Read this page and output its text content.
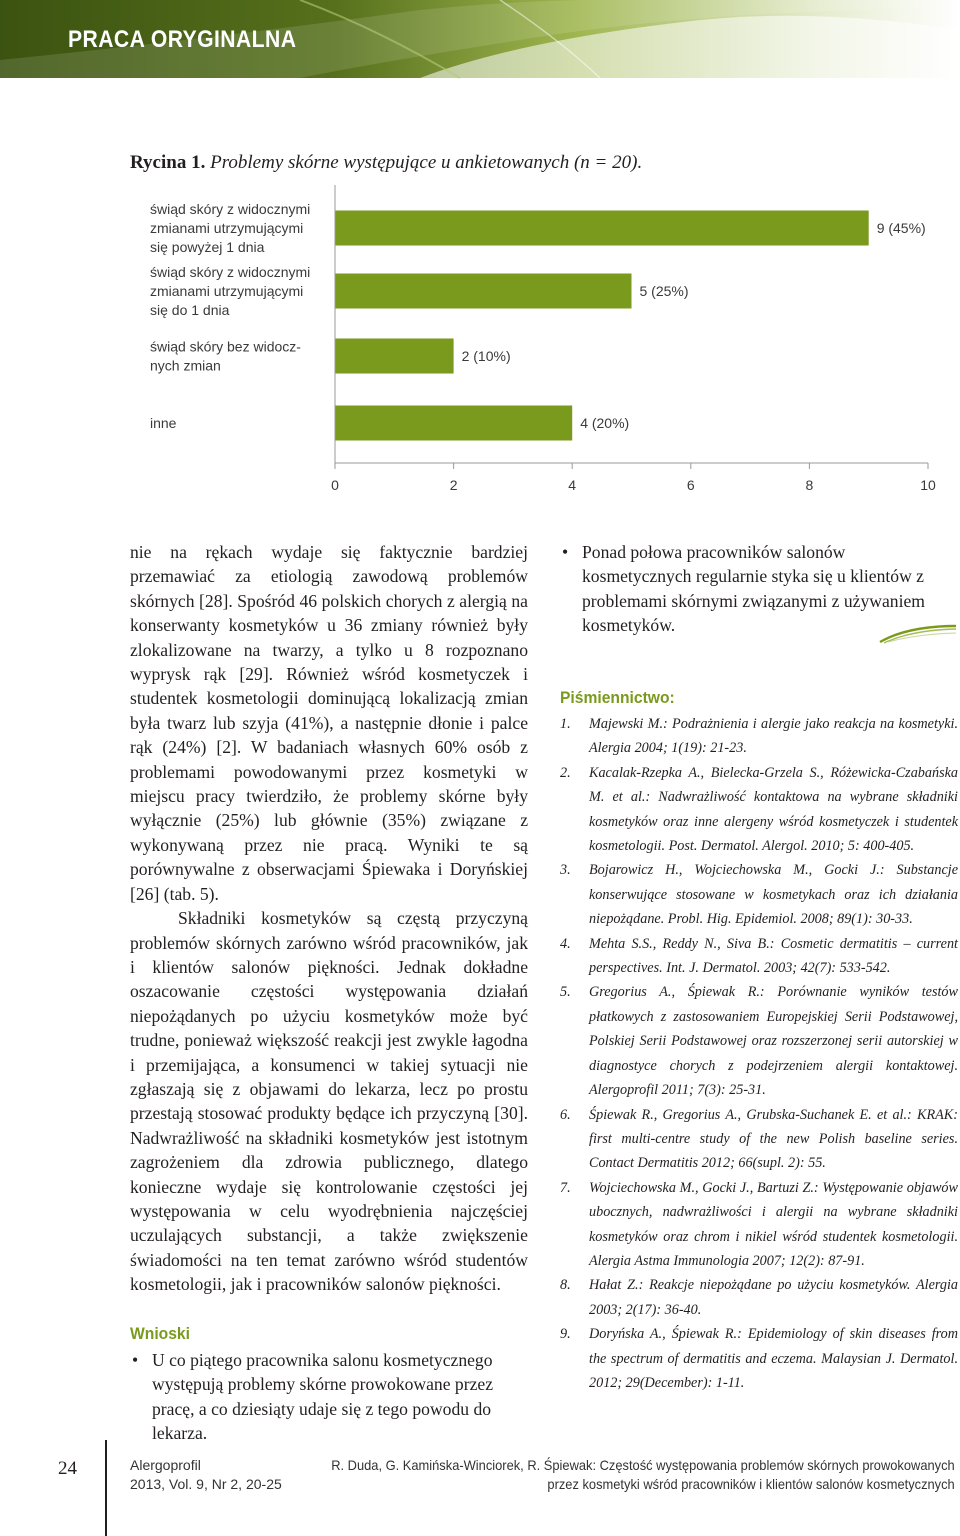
PRACA ORYGINALNA
Rycina 1. Problemy skórne występujące u ankietowanych (n = 20).
9 (45%)
świąd skóry z widocznymi
zmianami utrzymującymi
się powyżej 1 dnia
5 (25%)
świąd skóry z widocznymi
zmianami utrzymującymi
się do 1 dnia
2 (10%)
świąd skóry bez widocz-
nych zmian
4 (20%)
inne
0	2	4	6	8	10

nie na rękach wydaje się faktycznie bardziej przemawiać za etiologią zawodową problemów skórnych [28]. Spośród 46 polskich chorych z alergią na konserwanty kosmetyków u 36 zmiany również były zlokalizowane na twarzy, a tylko u 8 rozpoznano wyprysk rąk [29]. Również wśród kosmetyczek i studentek kosmetologii dominującą lokalizacją zmian była twarz lub szyja (41%), a następnie dłonie i palce rąk (24%) [2]. W badaniach własnych 60% osób z problemami powodowanymi przez kosmetyki w miejscu pracy twierdziło, że problemy skórne były wyłącznie (25%) lub głównie (35%) związane z wykonywaną przez nie pracą. Wyniki te są porównywalne z obserwacjami Śpiewaka i Doryńskiej [26] (tab. 5).

Składniki kosmetyków są częstą przyczyną problemów skórnych zarówno wśród pracowników, jak i klientów salonów piękności. Jednak dokładne oszacowanie częstości występowania działań niepożądanych po użyciu kosmetyków może być trudne, ponieważ większość reakcji jest zwykle łagodna i przemijająca, a konsumenci w takiej sytuacji nie zgłaszają się z objawami do lekarza, lecz po prostu przestają stosować produkty będące ich przyczyną [30]. Nadwrażliwość na składniki kosmetyków jest istotnym zagrożeniem dla zdrowia publicznego, dlatego konieczne wydaje się kontrolowanie częstości jej występowania w celu wyodrębnienia najczęściej uczulających substancji, a także zwiększenie świadomości na ten temat zarówno wśród studentów kosmetologii, jak i pracowników salonów piękności.

Wnioski

• U co piątego pracownika salonu kosmetycznego występują problemy skórne prowokowane przez pracę, a co dziesiąty udaje się z tego powodu do lekarza.

• Ponad połowa pracowników salonów kosmetycznych regularnie styka się u klientów z problemami skórnymi związanymi z używaniem kosmetyków.

Piśmiennictwo:
1. Majewski M.: Podrażnienia i alergie jako reakcja na kosmetyki. Alergia 2004; 1(19): 21-23.
2. Kacalak-Rzepka A., Bielecka-Grzela S., Różewicka-Czabańska M. et al.: Nadwrażliwość kontaktowa na wybrane składniki kosmetyków oraz inne alergeny wśród kosmetyczek i studentek kosmetologii. Post. Dermatol. Alergol. 2010; 5: 400-405.
3. Bojarowicz H., Wojciechowska M., Gocki J.: Substancje konserwujące stosowane w kosmetykach oraz ich działania niepożądane. Probl. Hig. Epidemiol. 2008; 89(1): 30-33.
4. Mehta S.S., Reddy N., Siva B.: Cosmetic dermatitis – current perspectives. Int. J. Dermatol. 2003; 42(7): 533-542.
5. Gregorius A., Śpiewak R.: Porównanie wyników testów płatkowych z zastosowaniem Europejskiej Serii Podstawowej, Polskiej Serii Podstawowej oraz rozszerzonej serii autorskiej w diagnostyce chorych z podejrzeniem alergii kontaktowej. Alergoprofil 2011; 7(3): 25-31.
6. Śpiewak R., Gregorius A., Grubska-Suchanek E. et al.: KRAK: first multi-centre study of the new Polish baseline series. Contact Dermatitis 2012; 66(supl. 2): 55.
7. Wojciechowska M., Gocki J., Bartuzi Z.: Występowanie objawów ubocznych, nadwrażliwości i alergii na wybrane składniki kosmetyków oraz chrom i nikiel wśród studentek kosmetologii. Alergia Astma Immunologia 2007; 12(2): 87-91.
8. Hałat Z.: Reakcje niepożądane po użyciu kosmetyków. Alergia 2003; 2(17): 36-40.
9. Doryńska A., Śpiewak R.: Epidemiology of skin diseases from the spectrum of dermatitis and eczema. Malaysian J. Dermatol. 2012; 29(December): 1-11.
24	Alergoprofil
2013, Vol. 9, Nr 2, 20-25
R. Duda, G. Kamińska-Winciorek, R. Śpiewak: Częstość występowania problemów skórnych prowokowanych
przez kosmetyki wśród pracowników i klientów salonów kosmetycznych
